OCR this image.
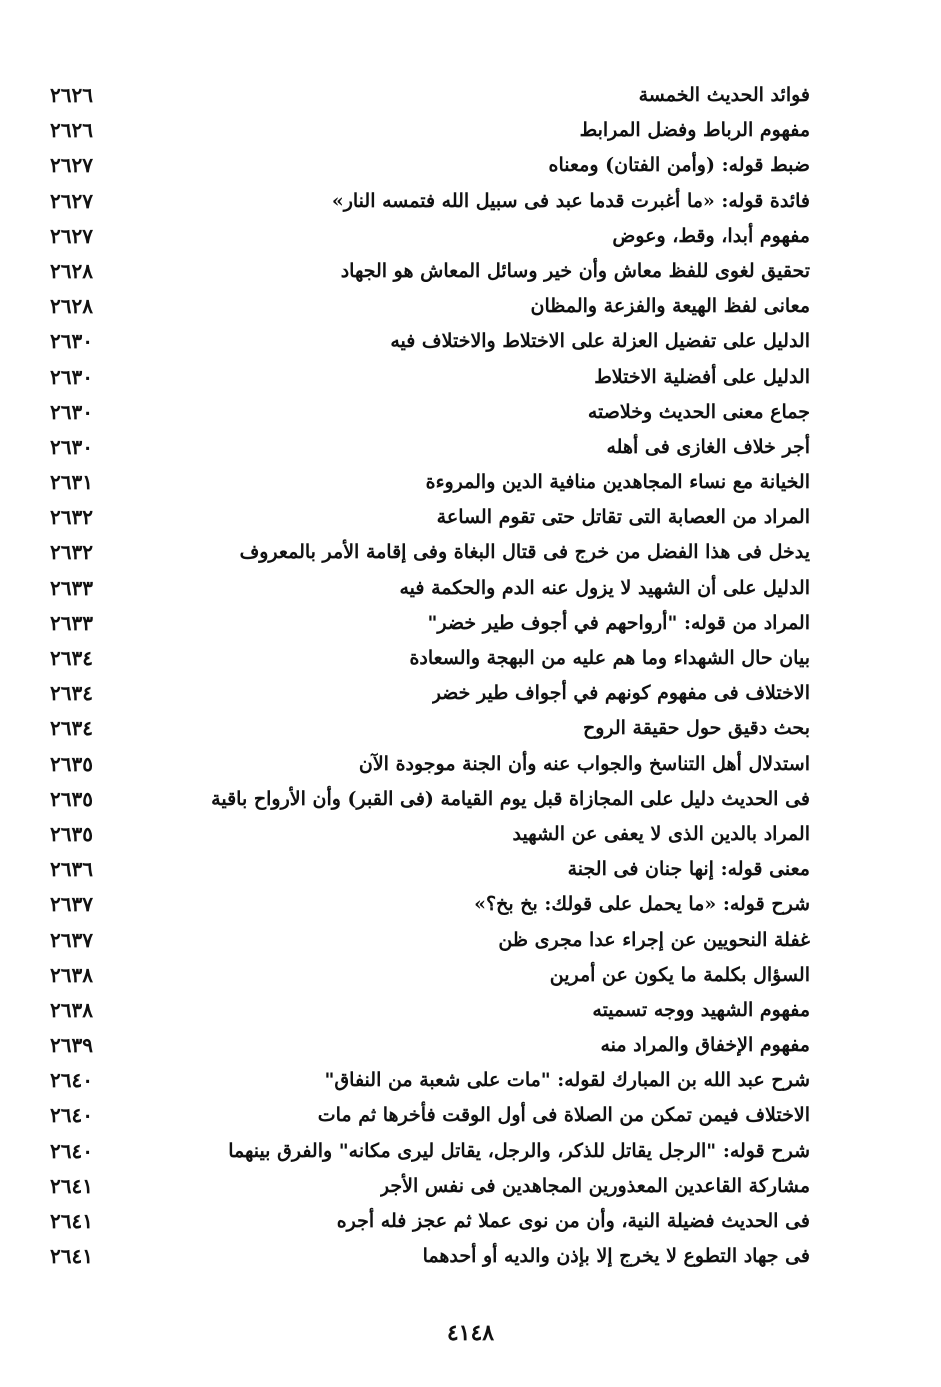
فوائد الحديث الخمسة
٢٦٢٦
مفهوم الرباط وفضل المرابط
٢٦٢٦
ضبط قوله: (وأمن الفتان) ومعناه
٢٦٢٧
فائدة قوله: «ما أغبرت قدما عبد فى سبيل الله فتمسه النار»
٢٦٢٧
مفهوم أبدا، وقط، وعوض
٢٦٢٧
تحقيق لغوى للفظ معاش وأن خير وسائل المعاش هو الجهاد
٢٦٢٨
معانى لفظ الهيعة والفزعة والمظان
٢٦٢٨
الدليل على تفضيل العزلة على الاختلاط والاختلاف فيه
٢٦٣٠
الدليل على أفضلية الاختلاط
٢٦٣٠
جماع معنى الحديث وخلاصته
٢٦٣٠
أجر خلاف الغازى فى أهله
٢٦٣٠
الخيانة مع نساء المجاهدين منافية الدين والمروءة
٢٦٣١
المراد من العصابة التى تقاتل حتى تقوم الساعة
٢٦٣٢
يدخل فى هذا الفضل من خرج فى قتال البغاة وفى إقامة الأمر بالمعروف
٢٦٣٢
الدليل على أن الشهيد لا يزول عنه الدم والحكمة فيه
٢٦٣٣
المراد من قوله: "أرواحهم في أجوف طير خضر"
٢٦٣٣
بيان حال الشهداء وما هم عليه من البهجة والسعادة
٢٦٣٤
الاختلاف فى مفهوم كونهم في أجواف طير خضر
٢٦٣٤
بحث دقيق حول حقيقة الروح
٢٦٣٤
استدلال أهل التناسخ والجواب عنه وأن الجنة موجودة الآن
٢٦٣٥
فى الحديث دليل على المجازاة قبل يوم القيامة (فى القبر) وأن الأرواح باقية
٢٦٣٥
المراد بالدين الذى لا يعفى عن الشهيد
٢٦٣٥
معنى قوله: إنها جنان فى الجنة
٢٦٣٦
شرح قوله: «ما يحمل على قولك: بخ بخ؟»
٢٦٣٧
غفلة النحويين عن إجراء عدا مجرى ظن
٢٦٣٧
السؤال بكلمة ما يكون عن أمرين
٢٦٣٨
مفهوم الشهيد ووجه تسميته
٢٦٣٨
مفهوم الإخفاق والمراد منه
٢٦٣٩
شرح عبد الله بن المبارك لقوله: "مات على شعبة من النفاق"
٢٦٤٠
الاختلاف فيمن تمكن من الصلاة فى أول الوقت فأخرها ثم مات
٢٦٤٠
شرح قوله: "الرجل يقاتل للذكر، والرجل، يقاتل ليرى مكانه" والفرق بينهما
٢٦٤٠
مشاركة القاعدين المعذورين المجاهدين فى نفس الأجر
٢٦٤١
فى الحديث فضيلة النية، وأن من نوى عملا ثم عجز فله أجره
٢٦٤١
فى جهاد التطوع لا يخرج إلا بإذن والديه أو أحدهما
٢٦٤١
٤١٤٨
